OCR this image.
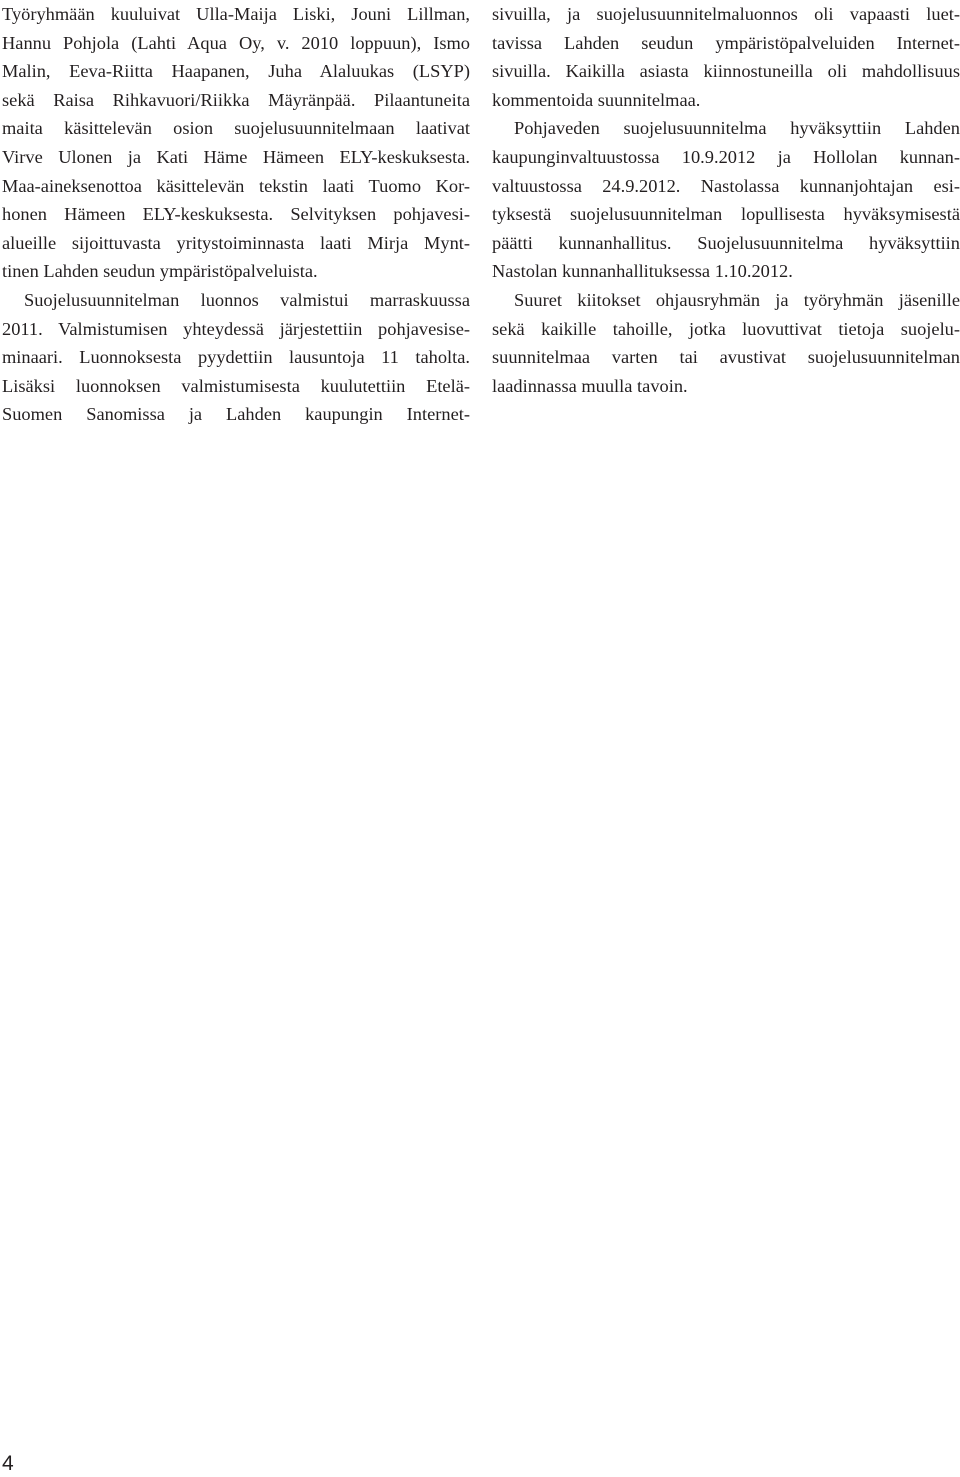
Työryhmään kuuluivat Ulla-Maija Liski, Jouni Lillman,
Hannu Pohjola (Lahti Aqua Oy, v. 2010 loppuun), Ismo
Malin, Eeva-Riitta Haapanen, Juha Alaluukas (LSYP)
sekä Raisa Rihkavuori/Riikka Mäyränpää. Pilaantuneita
maita käsittelevän osion suojelusuunnitelmaan laativat
Virve Ulonen ja Kati Häme Hämeen ELY-keskuksesta.
Maa-aineksenottoa käsittelevän tekstin laati Tuomo Kor-
honen Hämeen ELY-keskuksesta. Selvityksen pohjavesi-
alueille sijoittuvasta yritystoiminnasta laati Mirja Mynt-
tinen Lahden seudun ympäristöpalveluista.
Suojelusuunnitelman luonnos valmistui marraskuussa
2011. Valmistumisen yhteydessä järjestettiin pohjavesise-
minaari. Luonnoksesta pyydettiin lausuntoja 11 taholta.
Lisäksi luonnoksen valmistumisesta kuulutettiin Etelä-
Suomen Sanomissa ja Lahden kaupungin Internet-
sivuilla, ja suojelusuunnitelmaluonnos oli vapaasti luet-
tavissa Lahden seudun ympäristöpalveluiden Internet-
sivuilla. Kaikilla asiasta kiinnostuneilla oli mahdollisuus
kommentoida suunnitelmaa.
Pohjaveden suojelusuunnitelma hyväksyttiin Lahden
kaupunginvaltuustossa 10.9.2012 ja Hollolan kunnan-
valtuustossa 24.9.2012. Nastolassa kunnanjohtajan esi-
tyksestä suojelusuunnitelman lopullisesta hyväksymisestä
päätti kunnanhallitus. Suojelusuunnitelma hyväksyttiin
Nastolan kunnanhallituksessa 1.10.2012.
Suuret kiitokset ohjausryhmän ja työryhmän jäsenille
sekä kaikille tahoille, jotka luovuttivat tietoja suojelu-
suunnitelmaa varten tai avustivat suojelusuunnitelman
laadinnassa muulla tavoin.
4
